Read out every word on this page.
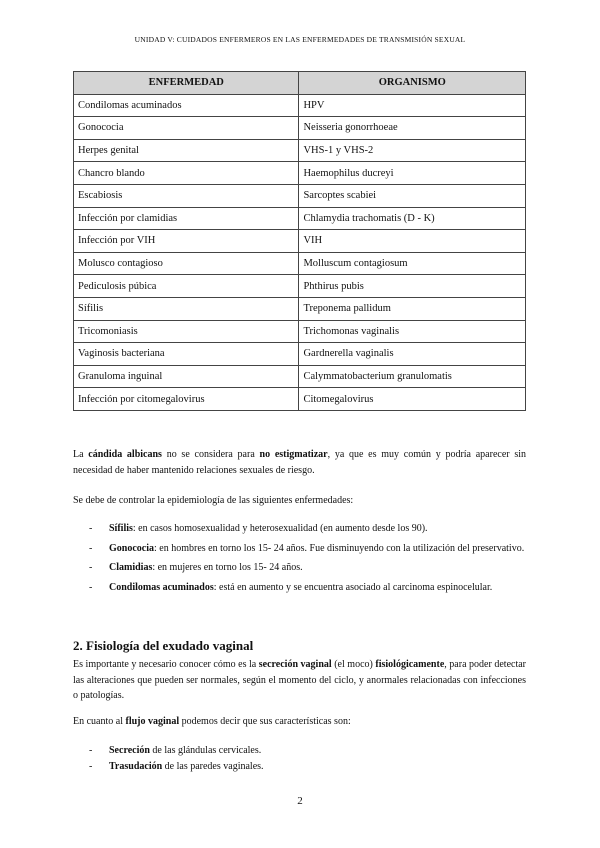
UNIDAD V: CUIDADOS ENFERMEROS EN LAS ENFERMEDADES DE TRANSMISIÓN SEXUAL
ENFERMEDAD	ORGANISMO
Condilomas acuminados	HPV
Gonococia	Neisseria gonorrhoeae
Herpes genital	VHS-1 y VHS-2
Chancro blando	Haemophilus ducreyi
Escabiosis	Sarcoptes scabiei
Infección por clamidias	Chlamydia trachomatis (D - K)
Infección por VIH	VIH
Molusco contagioso	Molluscum contagiosum
Pediculosis púbica	Phthirus pubis
Sífilis	Treponema pallidum
Tricomoniasis	Trichomonas vaginalis
Vaginosis bacteriana	Gardnerella vaginalis
Granuloma inguinal	Calymmatobacterium granulomatis
Infección por citomegalovirus	Citomegalovirus

La cándida albicans no se considera para no estigmatizar, ya que es muy común y podría aparecer sin necesidad de haber mantenido relaciones sexuales de riesgo.

Se debe de controlar la epidemiología de las siguientes enfermedades:

- Sífilis: en casos homosexualidad y heterosexualidad (en aumento desde los 90).
- Gonococia: en hombres en torno los 15- 24 años. Fue disminuyendo con la utilización del preservativo.
- Clamidias: en mujeres en torno los 15- 24 años.
- Condilomas acuminados: está en aumento y se encuentra asociado al carcinoma espinocelular.
2. Fisiología del exudado vaginal

Es importante y necesario conocer cómo es la secreción vaginal (el moco) fisiológicamente, para poder detectar las alteraciones que pueden ser normales, según el momento del ciclo, y anormales relacionadas con infecciones o patologías.

En cuanto al flujo vaginal podemos decir que sus características son:

- Secreción de las glándulas cervicales.
- Trasudación de las paredes vaginales.
2
